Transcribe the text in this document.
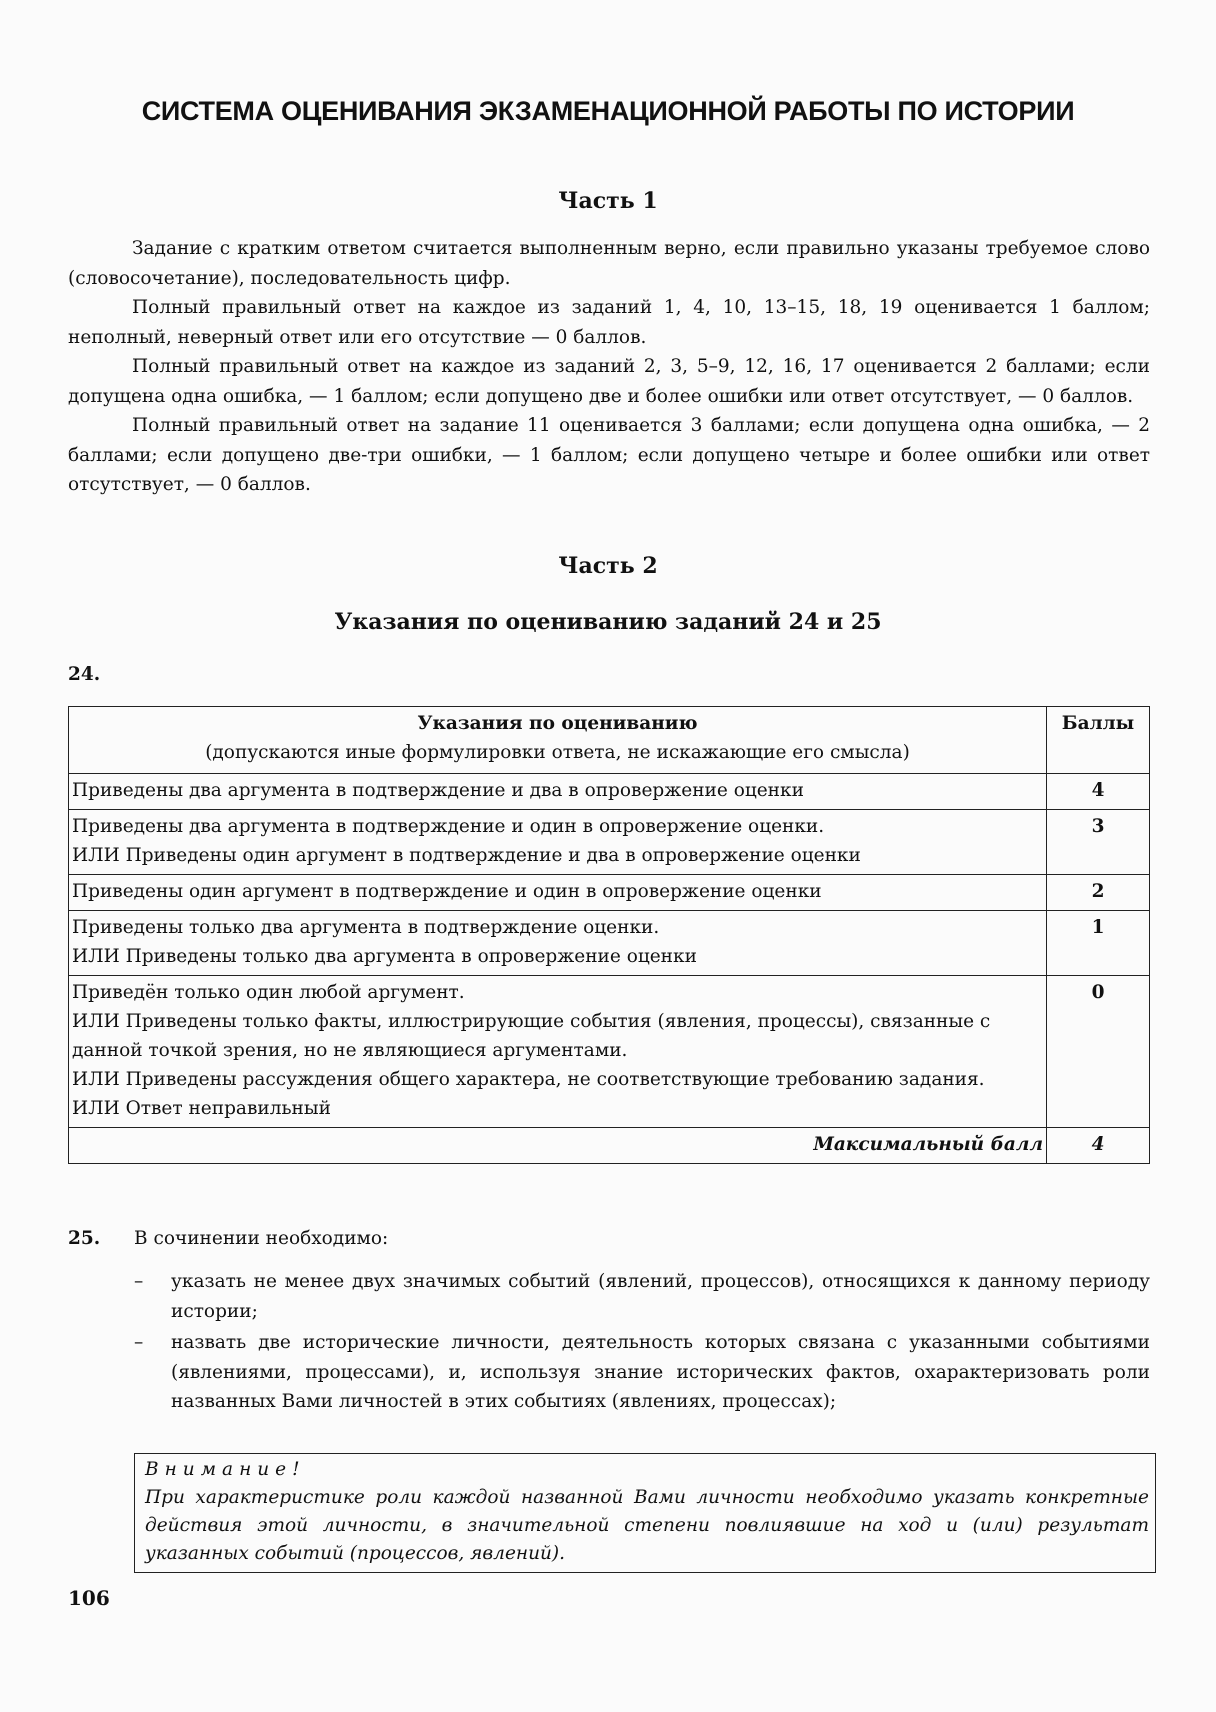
СИСТЕМА ОЦЕНИВАНИЯ ЭКЗАМЕНАЦИОННОЙ РАБОТЫ ПО ИСТОРИИ
Часть 1

Задание с кратким ответом считается выполненным верно, если правильно указаны требуемое слово (словосочетание), последовательность цифр.

Полный правильный ответ на каждое из заданий 1, 4, 10, 13–15, 18, 19 оценивается 1 баллом; неполный, неверный ответ или его отсутствие — 0 баллов.

Полный правильный ответ на каждое из заданий 2, 3, 5–9, 12, 16, 17 оценивается 2 баллами; если допущена одна ошибка, — 1 баллом; если допущено две и более ошибки или ответ отсутствует, — 0 баллов.

Полный правильный ответ на задание 11 оценивается 3 баллами; если допущена одна ошибка, — 2 баллами; если допущено две-три ошибки, — 1 баллом; если допущено четыре и более ошибки или ответ отсутствует, — 0 баллов.

Часть 2
Указания по оцениванию заданий 24 и 25
24.
Указания по оцениванию
(допускаются иные формулировки ответа, не искажающие его смысла)	Баллы
Приведены два аргумента в подтверждение и два в опровержение оценки	4

Приведены два аргумента в подтверждение и один в опровержение оценки.
ИЛИ Приведены один аргумент в подтверждение и два в опровержение оценки	3
Приведены один аргумент в подтверждение и один в опровержение оценки	2

Приведены только два аргумента в подтверждение оценки.
ИЛИ Приведены только два аргумента в опровержение оценки	1

Приведён только один любой аргумент.
ИЛИ Приведены только факты, иллюстрирующие события (явления, процессы), связанные с данной точкой зрения, но не являющиеся аргументами.
ИЛИ Приведены рассуждения общего характера, не соответствующие требованию задания.
ИЛИ Ответ неправильный	0
Максимальный балл	4
25. В сочинении необходимо:
– указать не менее двух значимых событий (явлений, процессов), относящихся к данному периоду истории;
– назвать две исторические личности, деятельность которых связана с указанными событиями (явлениями, процессами), и, используя знание исторических фактов, охарактеризовать роли названных Вами личностей в этих событиях (явлениях, процессах);
Внимание!
При характеристике роли каждой названной Вами личности необходимо указать конкретные действия этой личности, в значительной степени повлиявшие на ход и (или) результат указанных событий (процессов, явлений).
106
